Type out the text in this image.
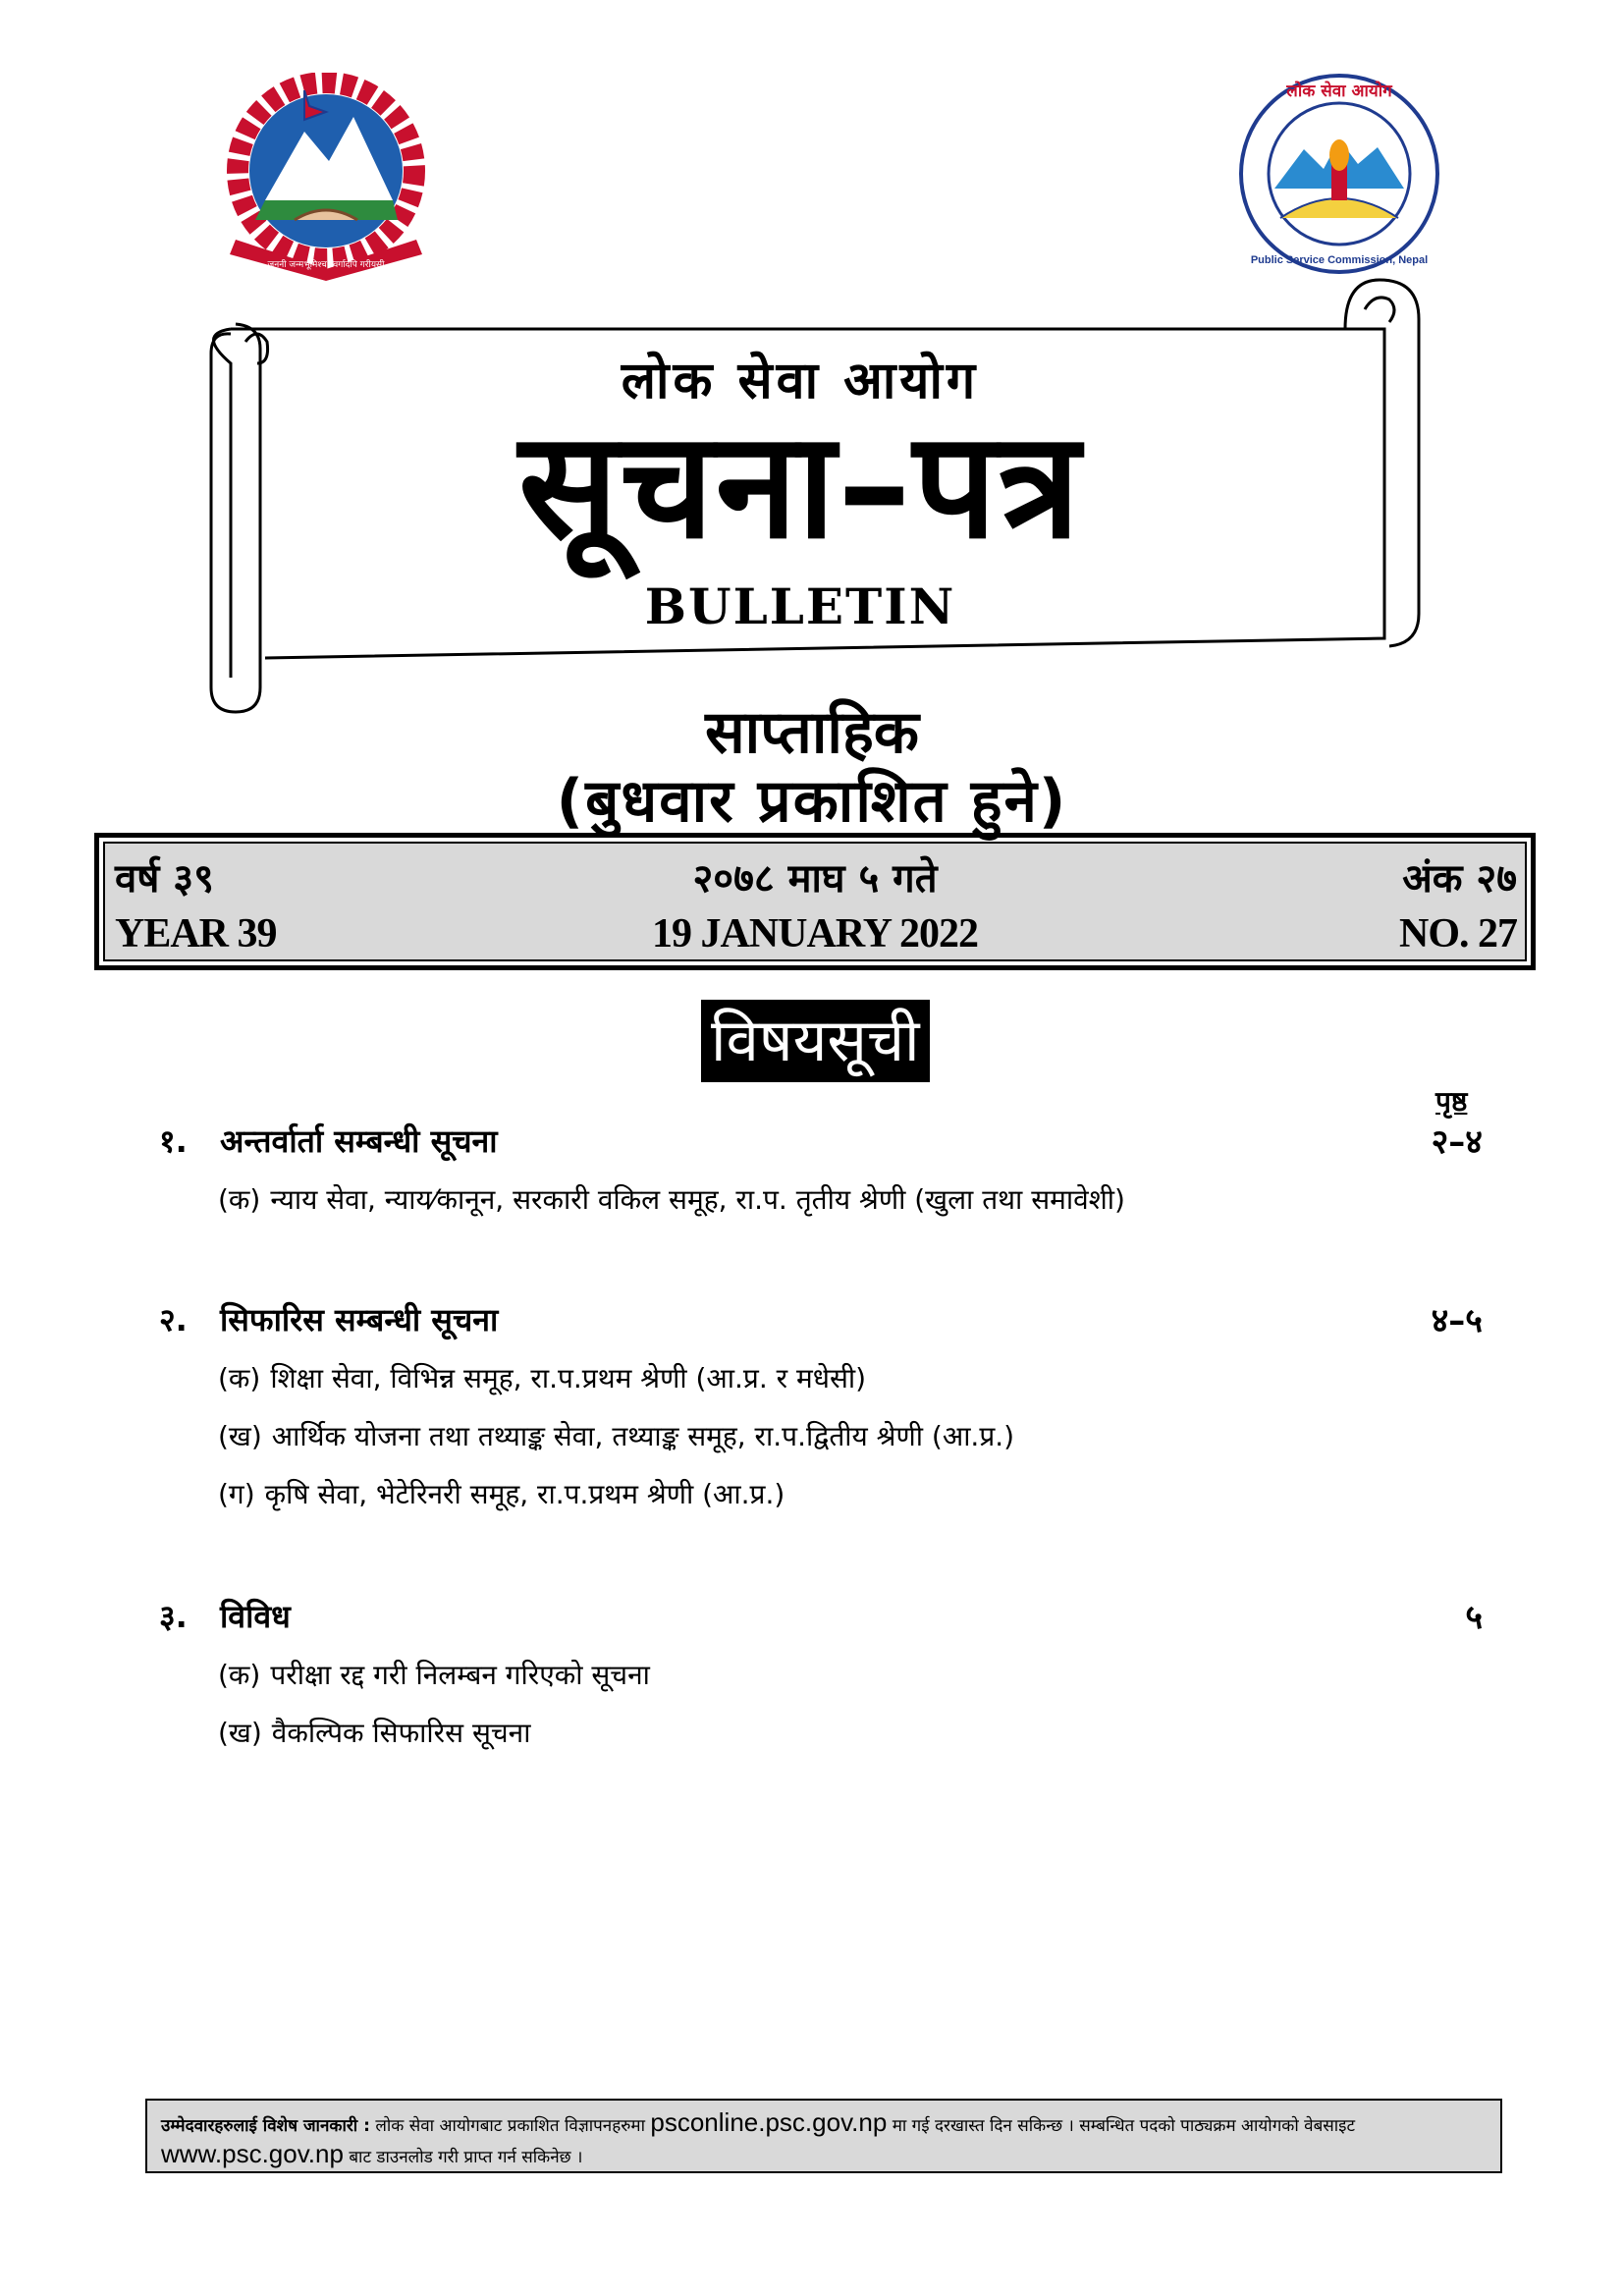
जननी जन्मभूमिश्च स्वर्गादपि गरीयसी
लोक सेवा आयोग
Public Service Commission, Nepal
लोक सेवा आयोग
सूचना–पत्र
BULLETIN
साप्ताहिक
(बुधवार प्रकाशित हुने)
वर्ष ३९	२०७८ माघ ५ गते	अंक २७
YEAR 39	19 JANUARY 2022	NO. 27
विषयसूची
पृष्ठ
१. अन्तर्वार्ता सम्बन्धी सूचना	२–४
(क) न्याय सेवा, न्याय⁄कानून, सरकारी वकिल समूह, रा.प. तृतीय श्रेणी (खुला तथा समावेशी)
२. सिफारिस सम्बन्धी सूचना	४–५
(क) शिक्षा सेवा, विभिन्न समूह, रा.प.प्रथम श्रेणी (आ.प्र. र मधेसी)
(ख) आर्थिक योजना तथा तथ्याङ्क सेवा, तथ्याङ्क समूह, रा.प.द्वितीय श्रेणी (आ.प्र.)
(ग) कृषि सेवा, भेटेरिनरी समूह, रा.प.प्रथम श्रेणी (आ.प्र.)
३. विविध	५
(क) परीक्षा रद्द गरी निलम्बन गरिएको सूचना
(ख) वैकल्पिक सिफारिस सूचना
उम्मेदवारहरुलाई विशेष जानकारी : लोक सेवा आयोगबाट प्रकाशित विज्ञापनहरुमा psconline.psc.gov.np मा गई दरखास्त दिन सकिन्छ । सम्बन्धित पदको पाठ्यक्रम आयोगको वेबसाइट www.psc.gov.np बाट डाउनलोड गरी प्राप्त गर्न सकिनेछ ।
